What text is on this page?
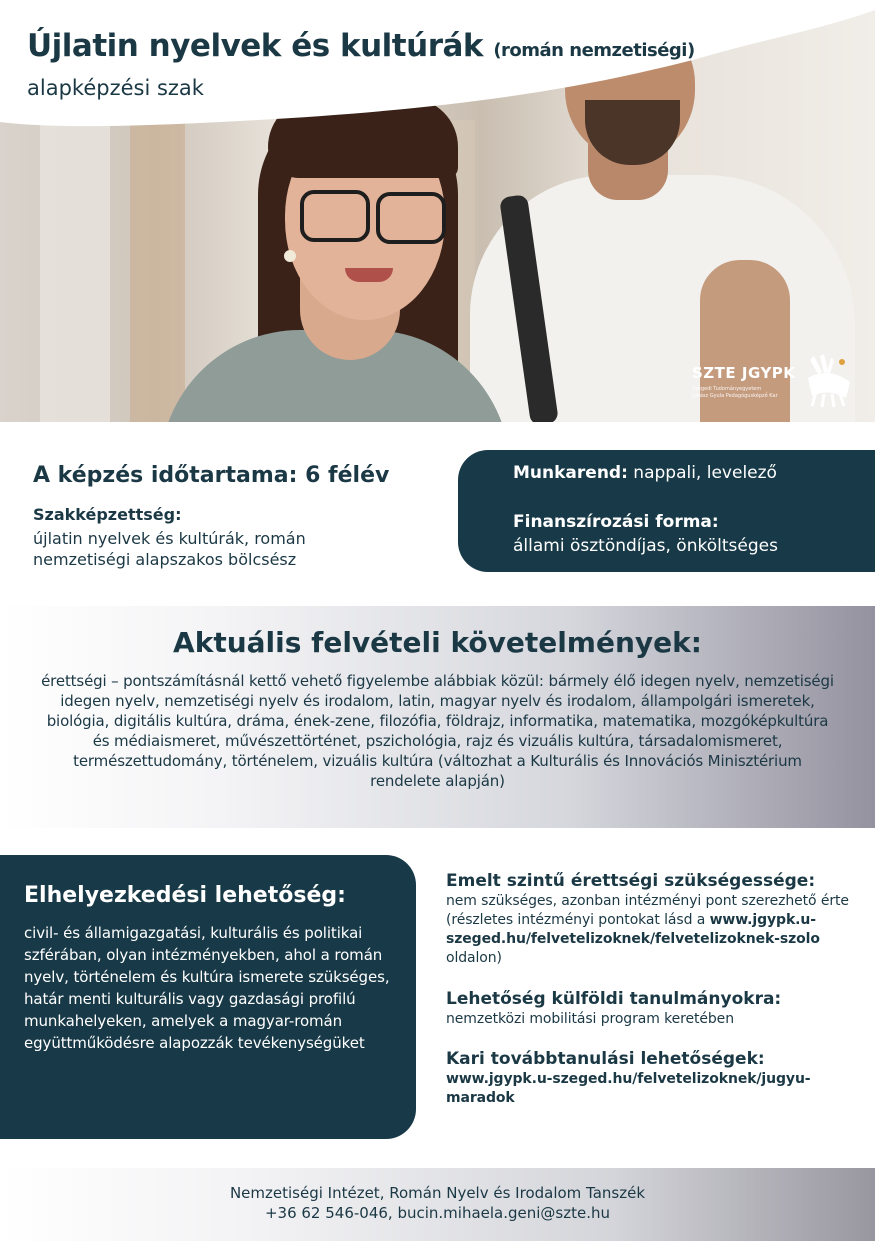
SZTE JGYPK
Szegedi Tudományegyetem
Juhász Gyula Pedagógusképző Kar
Újlatin nyelvek és kultúrák (román nemzetiségi)
alapképzési szak
A képzés időtartama: 6 félév
Szakképzettség:
újlatin nyelvek és kultúrák, román nemzetiségi alapszakos bölcsész
Munkarend: nappali, levelező
Finanszírozási forma:
állami ösztöndíjas, önköltséges
Aktuális felvételi követelmények:
érettségi – pontszámításnál kettő vehető figyelembe alábbiak közül: bármely élő idegen nyelv, nemzetiségi idegen nyelv, nemzetiségi nyelv és irodalom, latin, magyar nyelv és irodalom, állampolgári ismeretek, biológia, digitális kultúra, dráma, ének-zene, filozófia, földrajz, informatika, matematika, mozgóképkultúra és médiaismeret, művészettörténet, pszichológia, rajz és vizuális kultúra, társadalomismeret, természettudomány, történelem, vizuális kultúra (változhat a Kulturális és Innovációs Minisztérium rendelete alapján)
Elhelyezkedési lehetőség:
civil- és államigazgatási, kulturális és politikai szférában, olyan intézményekben, ahol a román nyelv, történelem és kultúra ismerete szükséges, határ menti kulturális vagy gazdasági profilú munkahelyeken, amelyek a magyar-román együttműködésre alapozzák tevékenységüket
Emelt szintű érettségi szükségessége:
nem szükséges, azonban intézményi pont szerezhető érte (részletes intézményi pontokat lásd a www.jgypk.u-szeged.hu/felvetelizoknek/felvetelizoknek-szolo oldalon)
Lehetőség külföldi tanulmányokra:
nemzetközi mobilitási program keretében
Kari továbbtanulási lehetőségek:
www.jgypk.u-szeged.hu/felvetelizoknek/jugyu-maradok
Nemzetiségi Intézet, Román Nyelv és Irodalom Tanszék
+36 62 546-046, bucin.mihaela.geni@szte.hu
